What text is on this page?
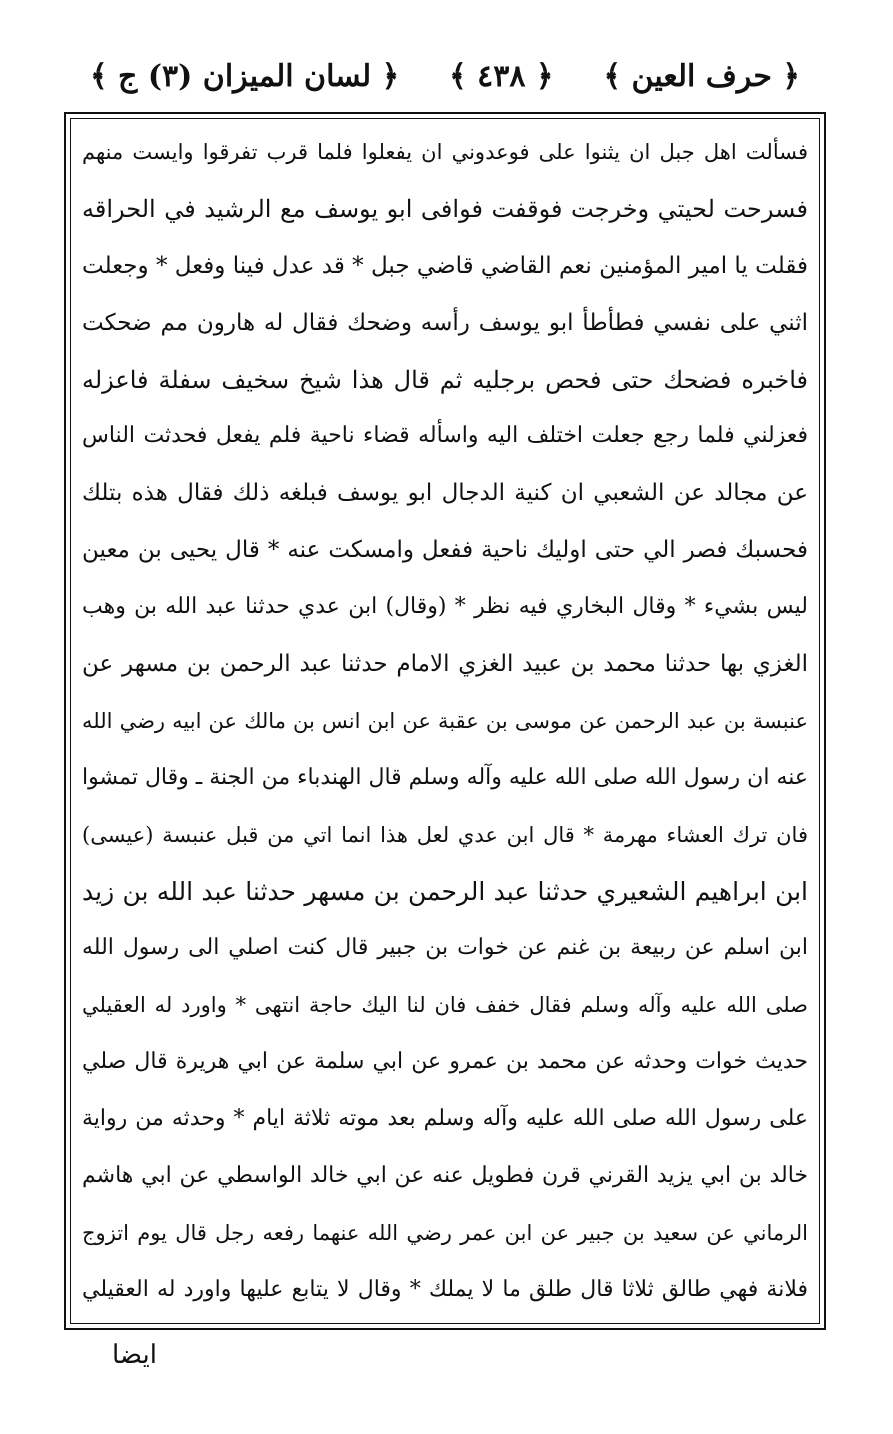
﴿ لسان الميزان (٣) ج ﴾ ﴿ ٤٣٨ ﴾ ﴿ حرف العين ﴾
فسألت اهل جبل ان يثنوا على فوعدوني ان يفعلوا فلما قرب تفرقوا وايست منهم
فسرحت لحيتي وخرجت فوقفت فوافى ابو يوسف مع الرشيد في الحراقه
فقلت يا امير المؤمنين نعم القاضي قاضي جبل * قد عدل فينا وفعل * وجعلت
اثني على نفسي فطأطأ ابو يوسف رأسه وضحك فقال له هارون مم ضحكت
فاخبره فضحك حتى فحص برجليه ثم قال هذا شيخ سخيف سفلة فاعزله
فعزلني فلما رجع جعلت اختلف اليه واسأله قضاء ناحية فلم يفعل فحدثت الناس
عن مجالد عن الشعبي ان كنية الدجال ابو يوسف فبلغه ذلك فقال هذه بتلك
فحسبك فصر الي حتى اوليك ناحية ففعل وامسكت عنه * قال يحيى بن معين
ليس بشيء * وقال البخاري فيه نظر * (وقال) ابن عدي حدثنا عبد الله بن وهب
الغزي بها حدثنا محمد بن عبيد الغزي الامام حدثنا عبد الرحمن بن مسهر عن
عنبسة بن عبد الرحمن عن موسى بن عقبة عن ابن انس بن مالك عن ابيه رضي الله
عنه ان رسول الله صلى الله عليه وآله وسلم قال الهندباء من الجنة ـ وقال تمشوا
فان ترك العشاء مهرمة * قال ابن عدي لعل هذا انما اتي من قبل عنبسة (عيسى)
ابن ابراهيم الشعيري حدثنا عبد الرحمن بن مسهر حدثنا عبد الله بن زيد
ابن اسلم عن ربيعة بن غنم عن خوات بن جبير قال كنت اصلي الى رسول الله
صلى الله عليه وآله وسلم فقال خفف فان لنا اليك حاجة انتهى * واورد له العقيلي
حديث خوات وحدثه عن محمد بن عمرو عن ابي سلمة عن ابي هريرة قال صلي
على رسول الله صلى الله عليه وآله وسلم بعد موته ثلاثة ايام * وحدثه من رواية
خالد بن ابي يزيد القرني قرن فطويل عنه عن ابي خالد الواسطي عن ابي هاشم
الرماني عن سعيد بن جبير عن ابن عمر رضي الله عنهما رفعه رجل قال يوم اتزوج
فلانة فهي طالق ثلاثا قال طلق ما لا يملك * وقال لا يتابع عليها واورد له العقيلي
ايضا
